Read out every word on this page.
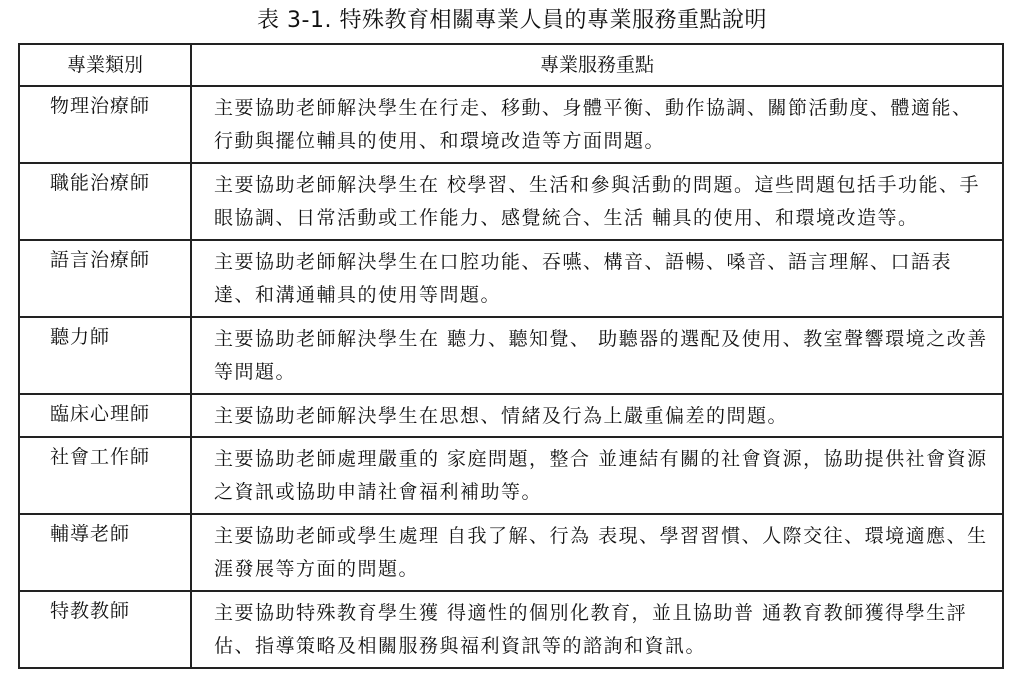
表 3-1. 特殊教育相關專業人員的專業服務重點說明
專業類別	專業服務重點
物理治療師	主要協助老師解決學生在行走、移動、身體平衡、動作協調、關節活動度、體適能、行動與擺位輔具的使用、和環境改造等方面問題。
職能治療師	主要協助老師解決學生在 校學習、生活和參與活動的問題。這些問題包括手功能、手眼協調、日常活動或工作能力、感覺統合、生活 輔具的使用、和環境改造等。
語言治療師	主要協助老師解決學生在口腔功能、吞嚥、構音、語暢、嗓音、語言理解、口語表達、和溝通輔具的使用等問題。
聽力師	主要協助老師解決學生在 聽力、聽知覺、 助聽器的選配及使用、教室聲響環境之改善等問題。
臨床心理師	主要協助老師解決學生在思想、情緒及行為上嚴重偏差的問題。
社會工作師	主要協助老師處理嚴重的 家庭問題，整合 並連結有關的社會資源，協助提供社會資源之資訊或協助申請社會福利補助等。
輔導老師	主要協助老師或學生處理 自我了解、行為 表現、學習習慣、人際交往、環境適應、生涯發展等方面的問題。
特教教師	主要協助特殊教育學生獲 得適性的個別化教育，並且協助普 通教育教師獲得學生評估、指導策略及相關服務與福利資訊等的諮詢和資訊。
